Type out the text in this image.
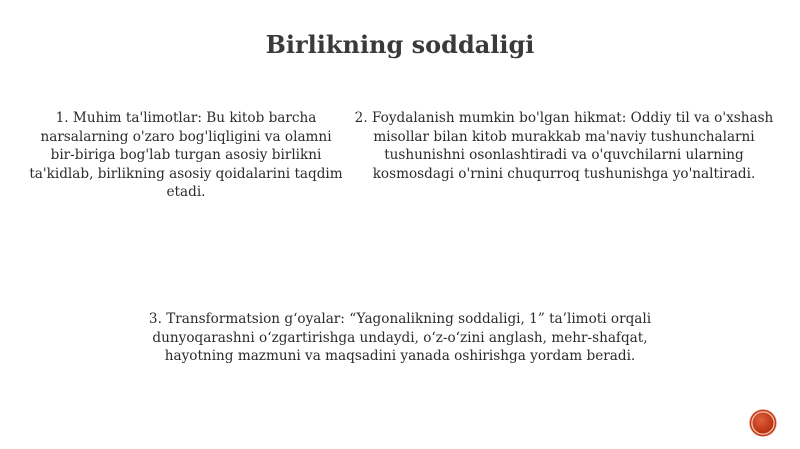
Birlikning soddaligi

1. Muhim ta'limotlar: Bu kitob barcha narsalarning o'zaro bog'liqligini va olamni bir-biriga bog'lab turgan asosiy birlikni ta'kidlab, birlikning asosiy qoidalarini taqdim etadi.

2. Foydalanish mumkin bo'lgan hikmat: Oddiy til va o'xshash misollar bilan kitob murakkab ma'naviy tushunchalarni tushunishni osonlashtiradi va o'quvchilarni ularning kosmosdagi o'rnini chuqurroq tushunishga yo'naltiradi.

3. Transformatsion g‘oyalar: “Yagonalikning soddaligi, 1” ta’limoti orqali dunyoqarashni o‘zgartirishga undaydi, o‘z-o‘zini anglash, mehr-shafqat, hayotning mazmuni va maqsadini yanada oshirishga yordam beradi.
